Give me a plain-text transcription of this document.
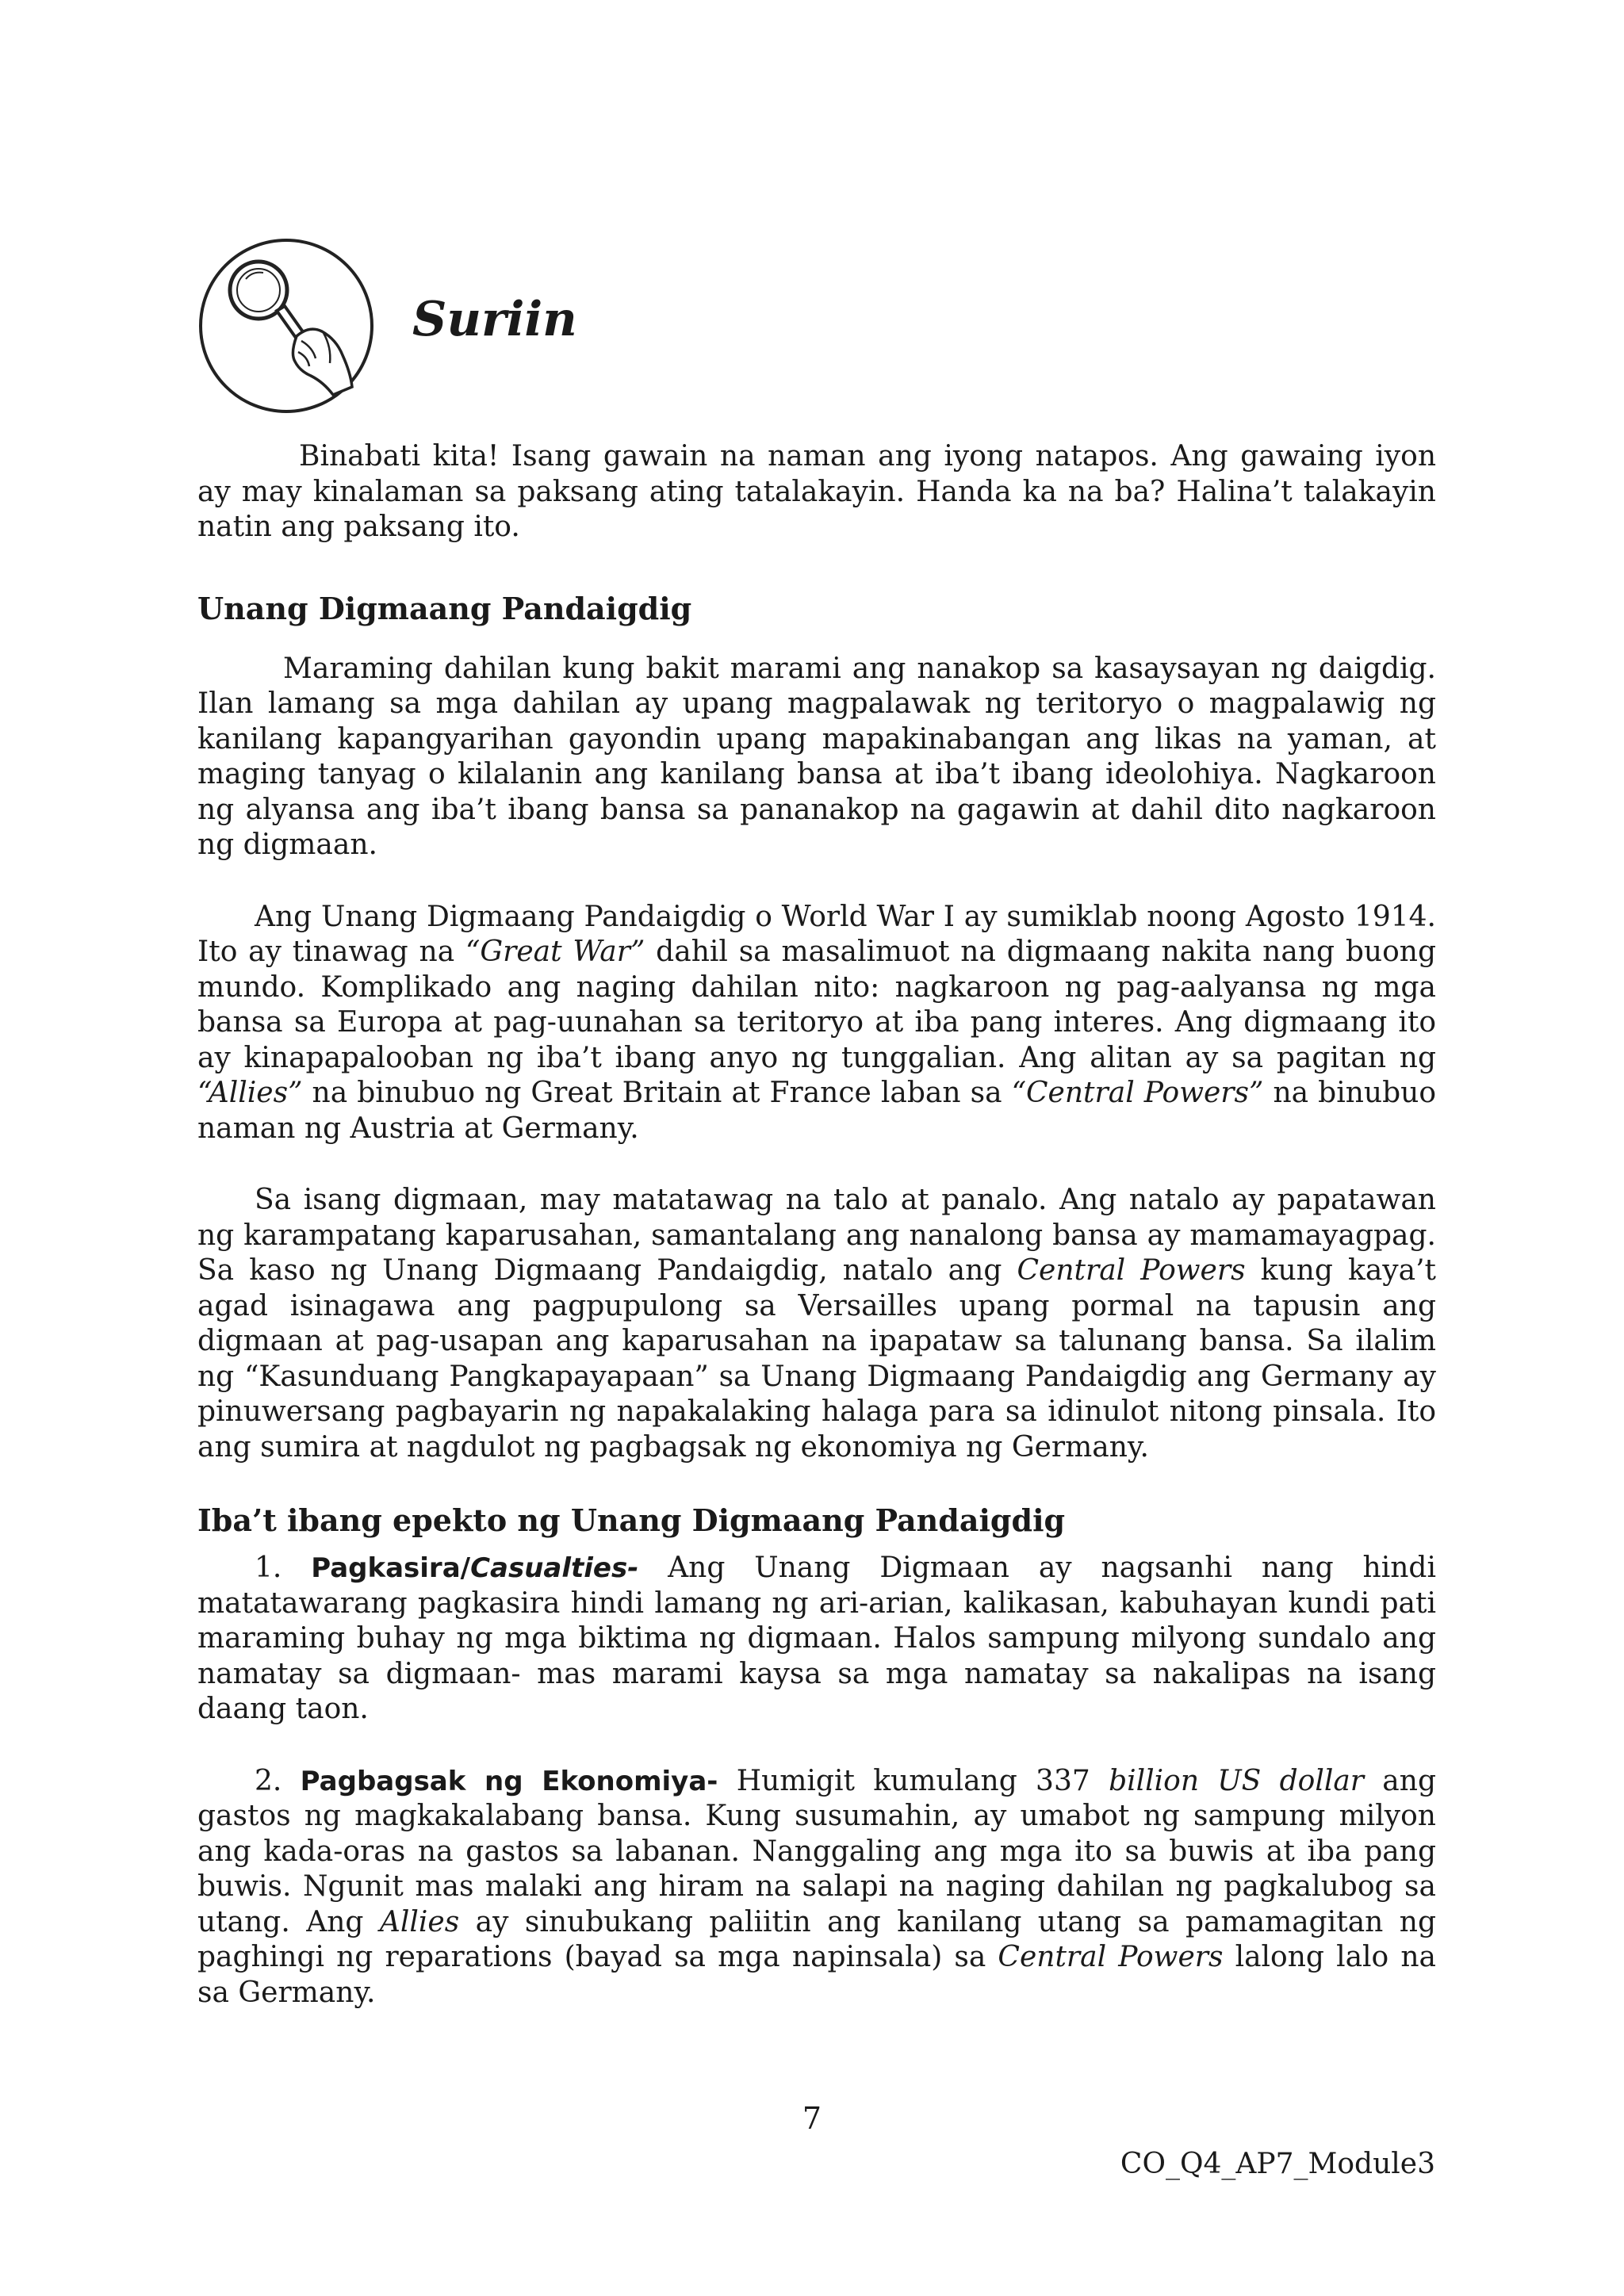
Suriin

Binabati kita! Isang gawain na naman ang iyong natapos. Ang gawaing iyon ay may kinalaman sa paksang ating tatalakayin. Handa ka na ba? Halina’t talakayin natin ang paksang ito.

Unang Digmaang Pandaigdig

Maraming dahilan kung bakit marami ang nanakop sa kasaysayan ng daigdig. Ilan lamang sa mga dahilan ay upang magpalawak ng teritoryo o magpalawig ng kanilang kapangyarihan gayondin upang mapakinabangan ang likas na yaman, at maging tanyag o kilalanin ang kanilang bansa at iba’t ibang ideolohiya. Nagkaroon ng alyansa ang iba’t ibang bansa sa pananakop na gagawin at dahil dito nagkaroon ng digmaan.

Ang Unang Digmaang Pandaigdig o World War I ay sumiklab noong Agosto 1914. Ito ay tinawag na “Great War” dahil sa masalimuot na digmaang nakita nang buong mundo. Komplikado ang naging dahilan nito: nagkaroon ng pag-aalyansa ng mga bansa sa Europa at pag-uunahan sa teritoryo at iba pang interes. Ang digmaang ito ay kinapapalooban ng iba’t ibang anyo ng tunggalian. Ang alitan ay sa pagitan ng “Allies” na binubuo ng Great Britain at France laban sa “Central Powers” na binubuo naman ng Austria at Germany.

Sa isang digmaan, may matatawag na talo at panalo. Ang natalo ay papatawan ng karampatang kaparusahan, samantalang ang nanalong bansa ay mamamayagpag. Sa kaso ng Unang Digmaang Pandaigdig, natalo ang Central Powers kung kaya’t agad isinagawa ang pagpupulong sa Versailles upang pormal na tapusin ang digmaan at pag-usapan ang kaparusahan na ipapataw sa talunang bansa. Sa ilalim ng “Kasunduang Pangkapayapaan” sa Unang Digmaang Pandaigdig ang Germany ay pinuwersang pagbayarin ng napakalaking halaga para sa idinulot nitong pinsala. Ito ang sumira at nagdulot ng pagbagsak ng ekonomiya ng Germany.

Iba’t ibang epekto ng Unang Digmaang Pandaigdig

1. Pagkasira/Casualties- Ang Unang Digmaan ay nagsanhi nang hindi matatawarang pagkasira hindi lamang ng ari-arian, kalikasan, kabuhayan kundi pati maraming buhay ng mga biktima ng digmaan. Halos sampung milyong sundalo ang namatay sa digmaan- mas marami kaysa sa mga namatay sa nakalipas na isang daang taon.

2. Pagbagsak ng Ekonomiya- Humigit kumulang 337 billion US dollar ang gastos ng magkakalabang bansa. Kung susumahin, ay umabot ng sampung milyon ang kada-oras na gastos sa labanan. Nanggaling ang mga ito sa buwis at iba pang buwis. Ngunit mas malaki ang hiram na salapi na naging dahilan ng pagkalubog sa utang. Ang Allies ay sinubukang paliitin ang kanilang utang sa pamamagitan ng paghingi ng reparations (bayad sa mga napinsala) sa Central Powers lalong lalo na sa Germany.

7
CO_Q4_AP7_Module3
